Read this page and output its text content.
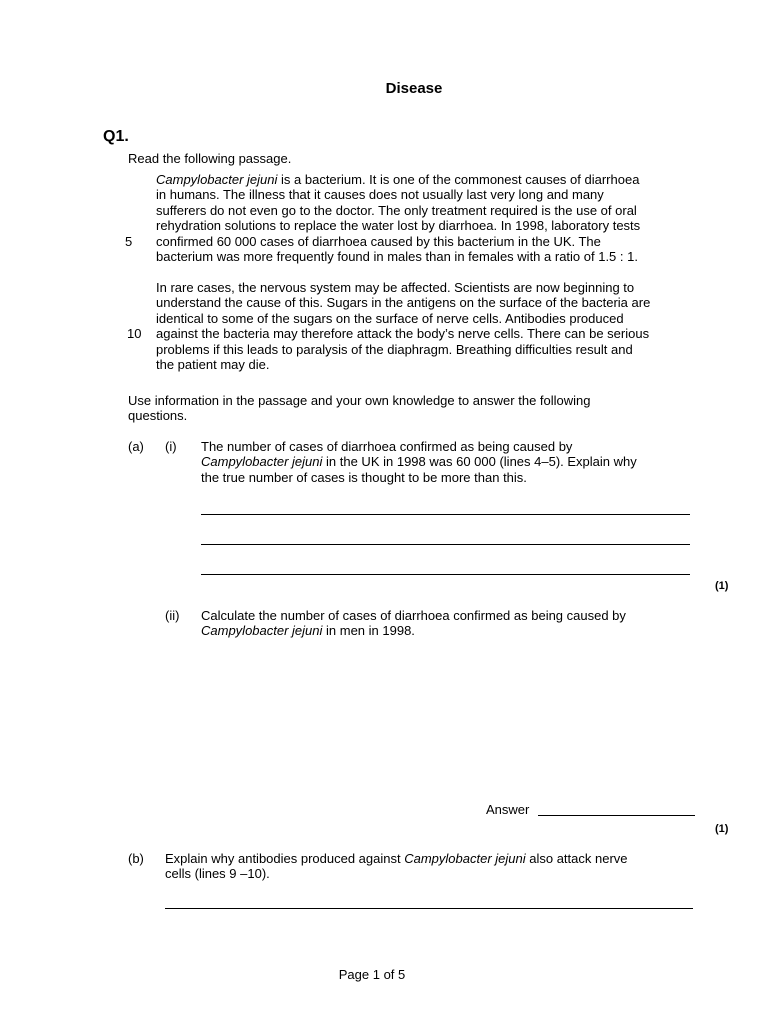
Disease
Q1.
Read the following passage.
Campylobacter jejuni is a bacterium. It is one of the commonest causes of diarrhoea
in humans. The illness that it causes does not usually last very long and many
sufferers do not even go to the doctor. The only treatment required is the use of oral
rehydration solutions to replace the water lost by diarrhoea. In 1998, laboratory tests
confirmed 60 000 cases of diarrhoea caused by this bacterium in the UK. The
bacterium was more frequently found in males than in females with a ratio of 1.5 : 1.
5
In rare cases, the nervous system may be affected. Scientists are now beginning to
understand the cause of this. Sugars in the antigens on the surface of the bacteria are
identical to some of the sugars on the surface of nerve cells. Antibodies produced
against the bacteria may therefore attack the body’s nerve cells. There can be serious
problems if this leads to paralysis of the diaphragm. Breathing difficulties result and
the patient may die.
10
Use information in the passage and your own knowledge to answer the following
questions.
(a) (i) The number of cases of diarrhoea confirmed as being caused by
Campylobacter jejuni in the UK in 1998 was 60 000 (lines 4–5). Explain why
the true number of cases is thought to be more than this.
(1)
(ii) Calculate the number of cases of diarrhoea confirmed as being caused by
Campylobacter jejuni in men in 1998.
Answer
(1)
(b) Explain why antibodies produced against Campylobacter jejuni also attack nerve
cells (lines 9 –10).
Page 1 of 5
